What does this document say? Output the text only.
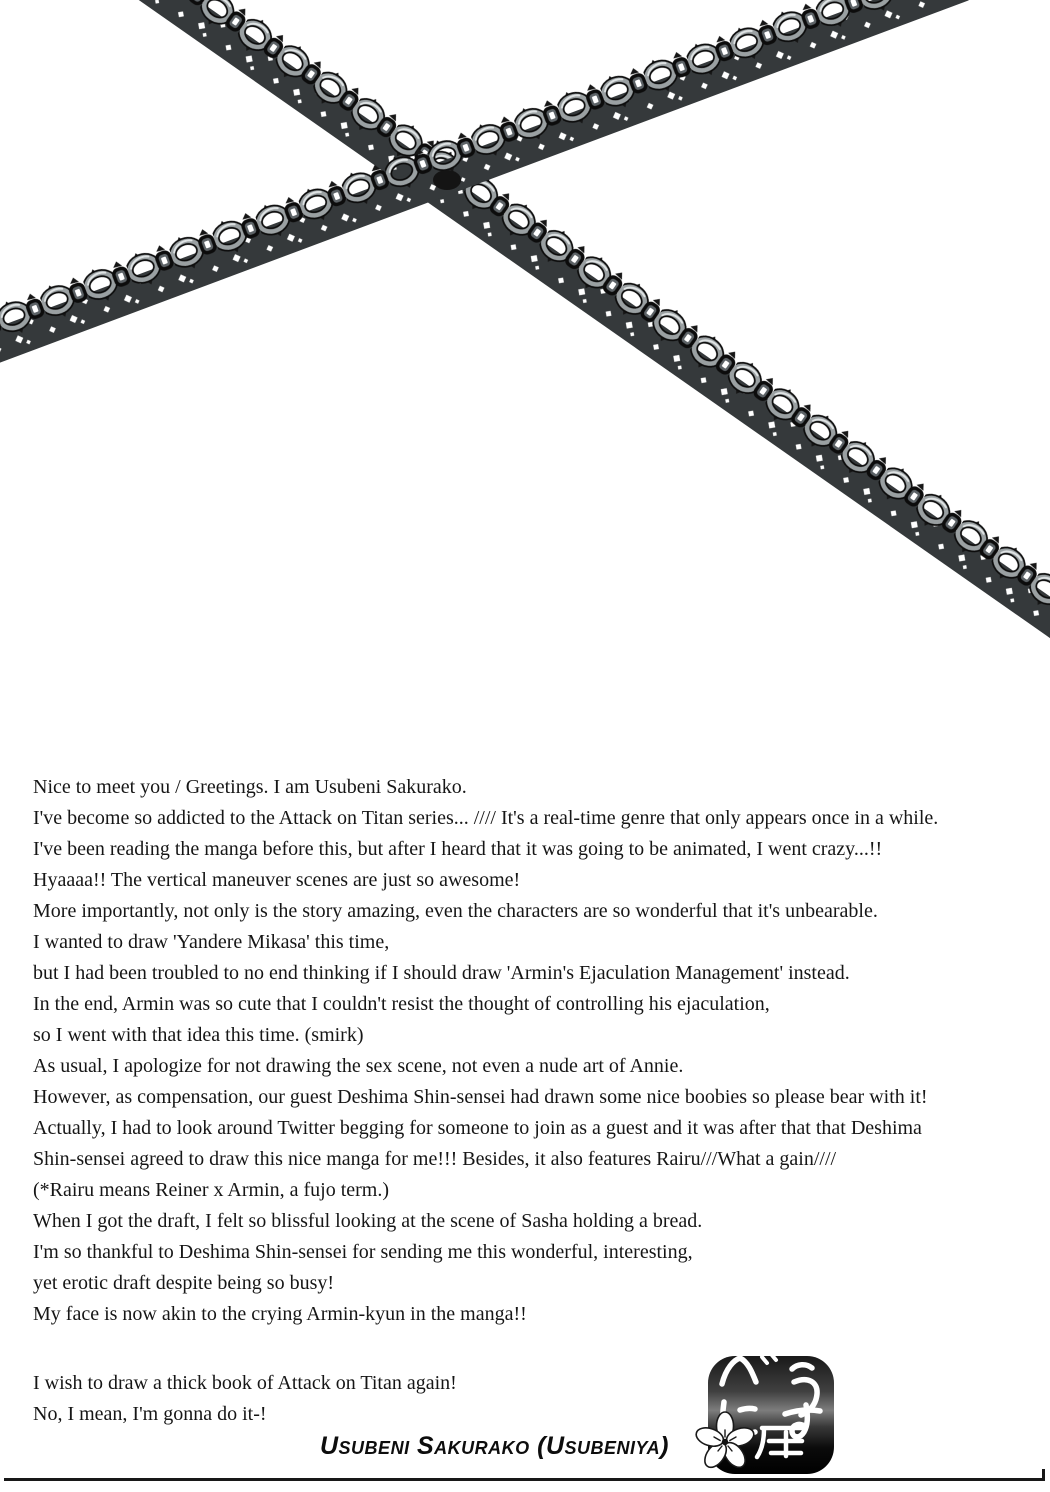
Nice to meet you / Greetings. I am Usubeni Sakurako.
I've become so addicted to the Attack on Titan series... //// It's a real-time genre that only appears once in a while.
I've been reading the manga before this, but after I heard that it was going to be animated, I went crazy...!!
Hyaaaa!! The vertical maneuver scenes are just so awesome!
More importantly, not only is the story amazing, even the characters are so wonderful that it's unbearable.
I wanted to draw 'Yandere Mikasa' this time,
but I had been troubled to no end thinking if I should draw 'Armin's Ejaculation Management' instead.
In the end, Armin was so cute that I couldn't resist the thought of controlling his ejaculation,
so I went with that idea this time. (smirk)
As usual, I apologize for not drawing the sex scene, not even a nude art of Annie.
However, as compensation, our guest Deshima Shin-sensei had drawn some nice boobies so please bear with it!
Actually, I had to look around Twitter begging for someone to join as a guest and it was after that that Deshima
Shin-sensei agreed to draw this nice manga for me!!! Besides, it also features Rairu///What a gain////
(*Rairu means Reiner x Armin, a fujo term.)
When I got the draft, I felt so blissful looking at the scene of Sasha holding a bread.
I'm so thankful to Deshima Shin-sensei for sending me this wonderful, interesting,
yet erotic draft despite being so busy!
My face is now akin to the crying Armin-kyun in the manga!!
I wish to draw a thick book of Attack on Titan again!
No, I mean, I'm gonna do it-!
Usubeni Sakurako (Usubeniya)
